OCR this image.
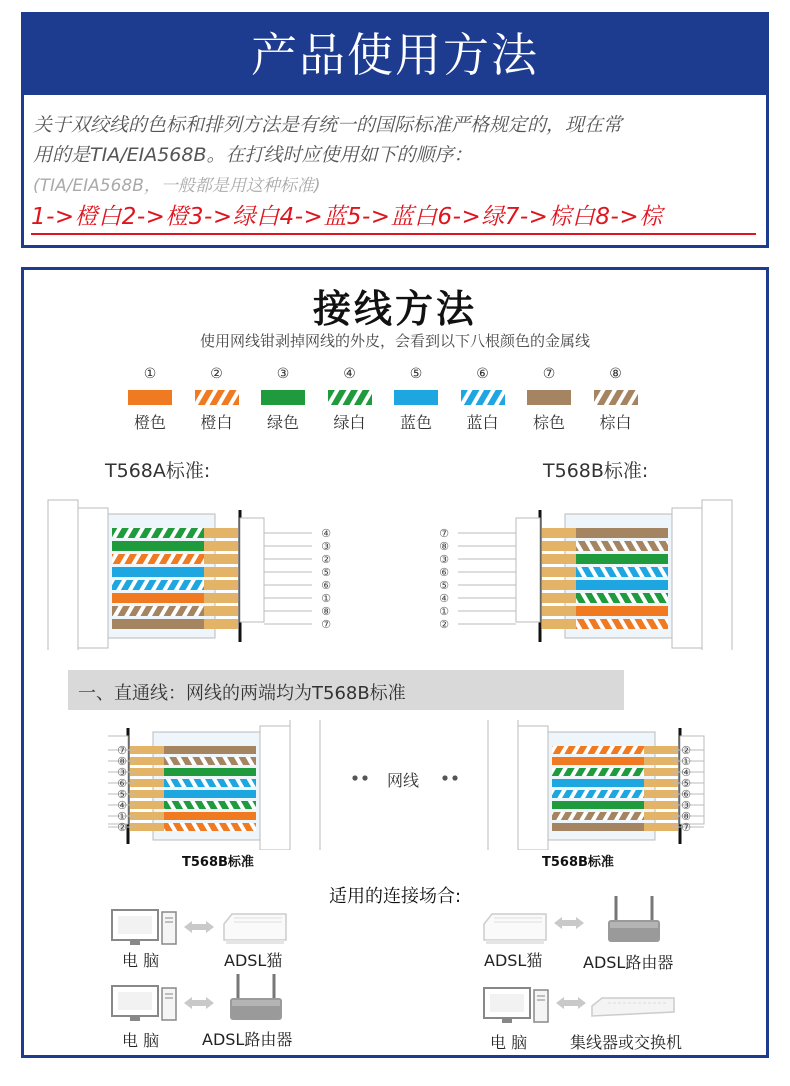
产品使用方法
关于双绞线的色标和排列方法是有统一的国际标准严格规定的，现在常
用的是TIA/EIA568B。在打线时应使用如下的顺序：
(TIA/EIA568B，一般都是用这种标准)
1->橙白2->橙3->绿白4->蓝5->蓝白6->绿7->棕白8->棕
接线方法
使用网线钳剥掉网线的外皮，会看到以下八根颜色的金属线
①
橙色
②
橙白
③
绿色
④
绿白
⑤
蓝色
⑥
蓝白
⑦
棕色
⑧
棕白
T568A标准:	T568B标准:
④
③
②
⑤
⑥
①
⑧
⑦
⑦
⑧
③
⑥
⑤
④
①
②
一、直通线：网线的两端均为T568B标准
⑦
⑧
③
⑥
⑤
④
①
②
②
①
④
⑤
⑥
③
⑧
⑦
网线
T568B标准	T568B标准
适用的连接场合:
电 脑	ADSL猫	ADSL猫	ADSL路由器
电 脑	ADSL路由器	电 脑	集线器或交换机
